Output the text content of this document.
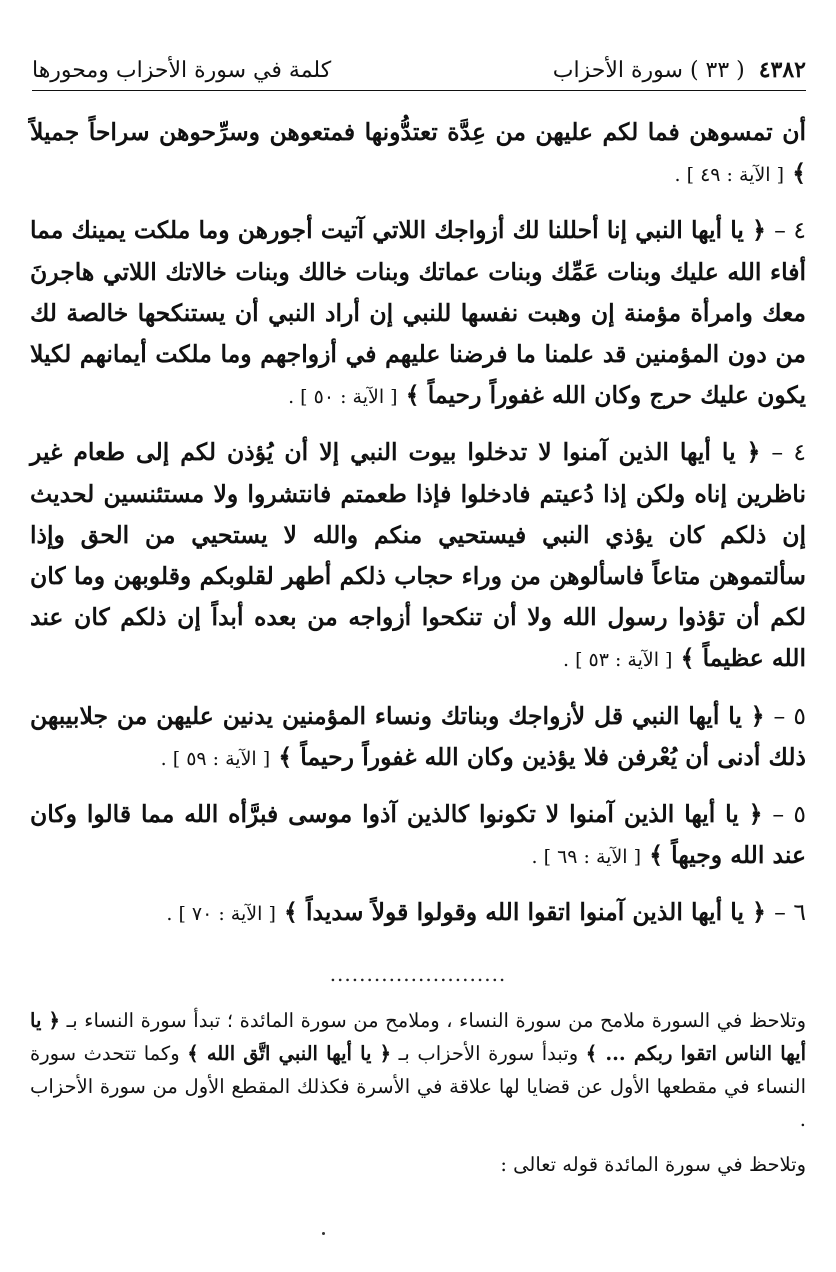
٤٣٨٢
( ٣٣ ) سورة الأحزاب
كلمة في سورة الأحزاب ومحورها

أن تمسوهن فما لكم عليهن من عِدَّة تعتدُّونها فمتعوهن وسرِّحوهن سراحاً جميلاً ﴾ [ الآية : ٤٩ ] .

٤ – ﴿ يا أيها النبي إنا أحللنا لك أزواجك اللاتي آتيت أجورهن وما ملكت يمينك مما أفاء الله عليك وبنات عَمِّك وبنات عماتك وبنات خالك وبنات خالاتك اللاتي هاجرنَ معك وامرأة مؤمنة إن وهبت نفسها للنبي إن أراد النبي أن يستنكحها خالصة لك من دون المؤمنين قد علمنا ما فرضنا عليهم في أزواجهم وما ملكت أيمانهم لكيلا يكون عليك حرج وكان الله غفوراً رحيماً ﴾ [ الآية : ٥٠ ] .

٤ – ﴿ يا أيها الذين آمنوا لا تدخلوا بيوت النبي إلا أن يُؤذن لكم إلى طعام غير ناظرين إناه ولكن إذا دُعيتم فادخلوا فإذا طعمتم فانتشروا ولا مستئنسين لحديث إن ذلكم كان يؤذي النبي فيستحيي منكم والله لا يستحيي من الحق وإذا سألتموهن متاعاً فاسألوهن من وراء حجاب ذلكم أطهر لقلوبكم وقلوبهن وما كان لكم أن تؤذوا رسول الله ولا أن تنكحوا أزواجه من بعده أبداً إن ذلكم كان عند الله عظيماً ﴾ [ الآية : ٥٣ ] .

٥ – ﴿ يا أيها النبي قل لأزواجك وبناتك ونساء المؤمنين يدنين عليهن من جلابيبهن ذلك أدنى أن يُعْرفن فلا يؤذين وكان الله غفوراً رحيماً ﴾ [ الآية : ٥٩ ] .

٥ – ﴿ يا أيها الذين آمنوا لا تكونوا كالذين آذوا موسى فبرَّأه الله مما قالوا وكان عند الله وجيهاً ﴾ [ الآية : ٦٩ ] .

٦ – ﴿ يا أيها الذين آمنوا اتقوا الله وقولوا قولاً سديداً ﴾ [ الآية : ٧٠ ] .

........................

وتلاحظ في السورة ملامح من سورة النساء ، وملامح من سورة المائدة ؛ تبدأ سورة النساء بـ ﴿ يا أيها الناس اتقوا ربكم ... ﴾ وتبدأ سورة الأحزاب بـ ﴿ يا أيها النبي اتَّق الله ﴾ وكما تتحدث سورة النساء في مقطعها الأول عن قضايا لها علاقة في الأسرة فكذلك المقطع الأول من سورة الأحزاب .

وتلاحظ في سورة المائدة قوله تعالى :
